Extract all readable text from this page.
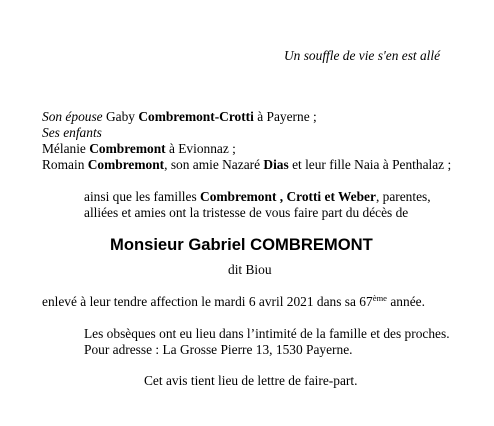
Un souffle de vie s'en est allé
Son épouse Gaby Combremont-Crotti à Payerne ;
Ses enfants
Mélanie Combremont à Evionnaz ;
Romain Combremont, son amie Nazaré Dias et leur fille Naia à Penthalaz ;
ainsi que les familles Combremont , Crotti et Weber, parentes,
alliées et amies ont la tristesse de vous faire part du décès de
Monsieur Gabriel COMBREMONT
dit Biou
enlevé à leur tendre affection le mardi 6 avril 2021 dans sa 67ème année.
Les obsèques ont eu lieu dans l’intimité de la famille et des proches.
Pour adresse : La Grosse Pierre 13, 1530 Payerne.
Cet avis tient lieu de lettre de faire-part.
